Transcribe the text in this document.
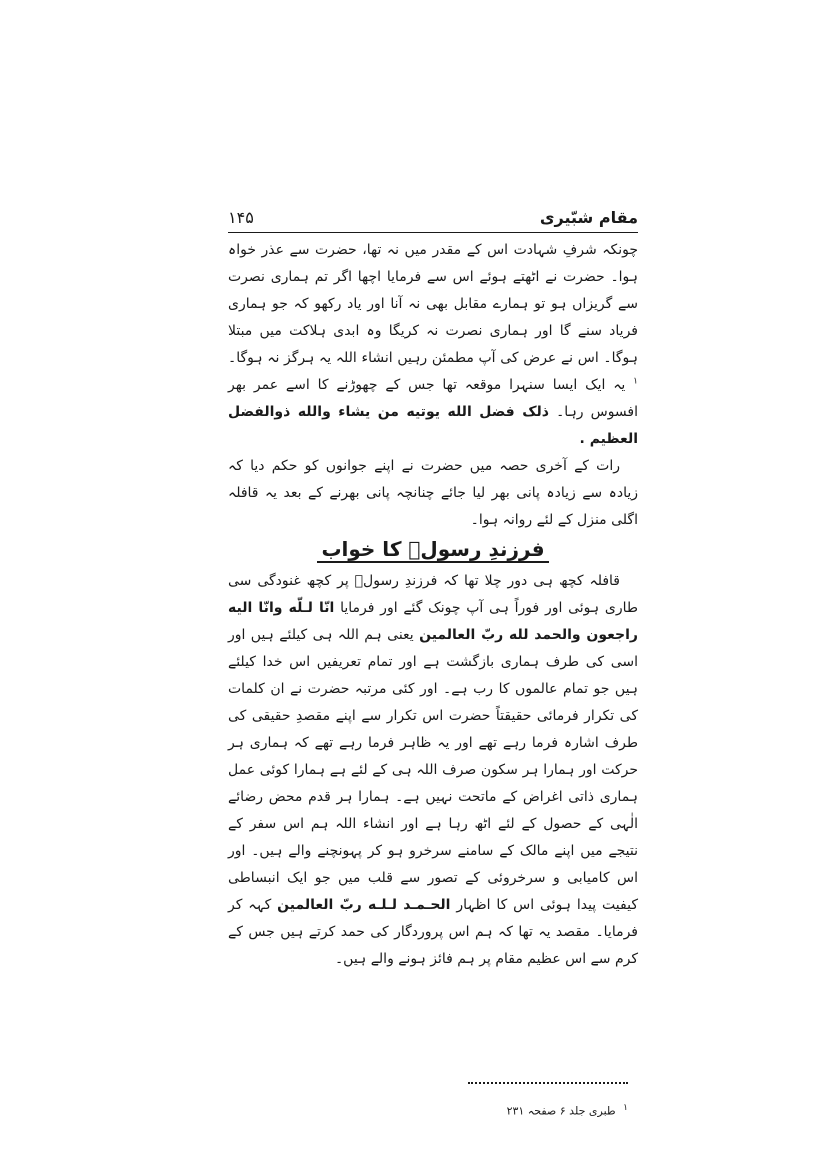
مقام شبّیری
۱۴۵

چونکہ شرفِ شہادت اس کے مقدر میں نہ تھا، حضرت سے عذر خواہ ہوا۔ حضرت نے اٹھتے ہوئے اس سے فرمایا اچھا اگر تم ہماری نصرت سے گریزاں ہو تو ہمارے مقابل بھی نہ آنا اور یاد رکھو کہ جو ہماری فریاد سنے گا اور ہماری نصرت نہ کریگا وہ ابدی ہلاکت میں مبتلا ہوگا۔ اس نے عرض کی آپ مطمئن رہیں انشاء اللہ یہ ہرگز نہ ہوگا۔ $^۱$ یہ ایک ایسا سنہرا موقعہ تھا جس کے چھوڑنے کا اسے عمر بھر افسوس رہا۔ ذلک فضل الله یوتیه من یشاء والله ذوالفضل العظیم .

رات کے آخری حصہ میں حضرت نے اپنے جوانوں کو حکم دیا کہ زیادہ سے زیادہ پانی بھر لیا جائے چنانچہ پانی بھرنے کے بعد یہ قافلہ اگلی منزل کے لئے روانہ ہوا۔

فرزندِ رسولؐ کا خواب

قافلہ کچھ ہی دور چلا تھا کہ فرزندِ رسولؐ پر کچھ غنودگی سی طاری ہوئی اور فوراً ہی آپ چونک گئے اور فرمایا انّا لـلّه وانّا الیه راجعون والحمد لله ربّ العالمین یعنی ہم اللہ ہی کیلئے ہیں اور اسی کی طرف ہماری بازگشت ہے اور تمام تعریفیں اس خدا کیلئے ہیں جو تمام عالموں کا رب ہے۔ اور کئی مرتبہ حضرت نے ان کلمات کی تکرار فرمائی حقیقتاً حضرت اس تکرار سے اپنے مقصدِ حقیقی کی طرف اشارہ فرما رہے تھے اور یہ ظاہر فرما رہے تھے کہ ہماری ہر حرکت اور ہمارا ہر سکون صرف اللہ ہی کے لئے ہے ہمارا کوئی عمل ہماری ذاتی اغراض کے ماتحت نہیں ہے۔ ہمارا ہر قدم محض رضائے الٰہی کے حصول کے لئے اٹھ رہا ہے اور انشاء اللہ ہم اس سفر کے نتیجے میں اپنے مالک کے سامنے سرخرو ہو کر پہونچنے والے ہیں۔ اور اس کامیابی و سرخروئی کے تصور سے قلب میں جو ایک انبساطی کیفیت پیدا ہوئی اس کا اظہار الحـمـد لـلـه ربّ العالمین کہہ کر فرمایا۔ مقصد یہ تھا کہ ہم اس پروردگار کی حمد کرتے ہیں جس کے کرم سے اس عظیم مقام پر ہم فائز ہونے والے ہیں۔

$^۱$ طبری جلد ۶ صفحہ ۲۳۱
